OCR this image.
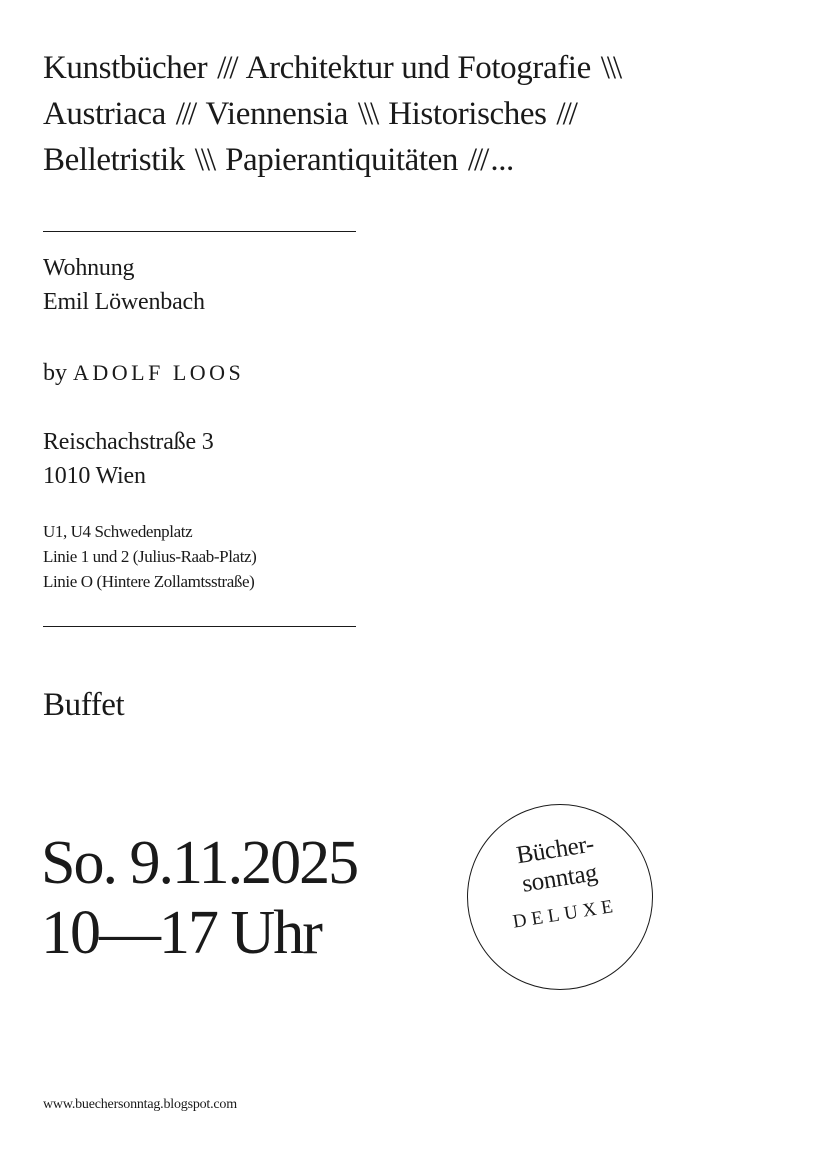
Kunstbücher /// Architektur und Fotografie \\\
Austriaca /// Viennensia \\\ Historisches ///
Belletristik \\\ Papierantiquitäten /// ...
Wohnung
Emil Löwenbach
by ADOLF LOOS
Reischachstraße 3
1010 Wien
U1, U4 Schwedenplatz
Linie 1 und 2 (Julius-Raab-Platz)
Linie O (Hintere Zollamtsstraße)
Buffet
So. 9.11.2025
10—17 Uhr
Bücher-
sonntag
DELUXE
www.buechersonntag.blogspot.com
